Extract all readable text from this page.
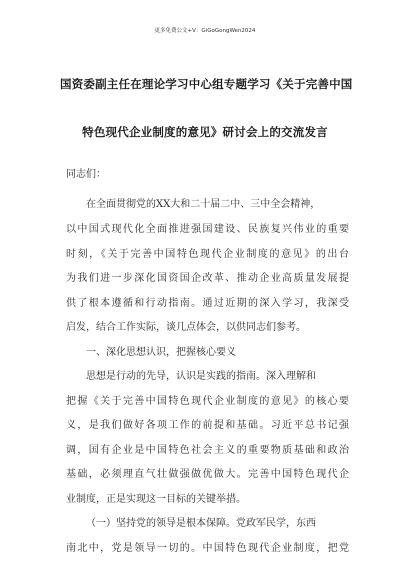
更多免费公文+V：GiGoGongWen2024
国资委副主任在理论学习中心组专题学习《关于完善中国
特色现代企业制度的意见》研讨会上的交流发言
同志们：
在全面贯彻党的XX大和二十届二中、三中全会精神，
以中国式现代化全面推进强国建设、民族复兴伟业的重要
时刻，《关于完善中国特色现代企业制度的意见》的出台
为我们进一步深化国资国企改革、推动企业高质量发展提
供了根本遵循和行动指南。通过近期的深入学习，我深受
启发，结合工作实际，谈几点体会，以供同志们参考。
一、深化思想认识，把握核心要义
思想是行动的先导，认识是实践的指南。深入理解和
把握《关于完善中国特色现代企业制度的意见》的核心要
义，是我们做好各项工作的前提和基础。习近平总书记强
调，国有企业是中国特色社会主义的重要物质基础和政治
基础，必须理直气壮做强做优做大。完善中国特色现代企
业制度，正是实现这一目标的关键举措。
（一）坚持党的领导是根本保障。党政军民学，东西
南北中，党是领导一切的。中国特色现代企业制度，把党
